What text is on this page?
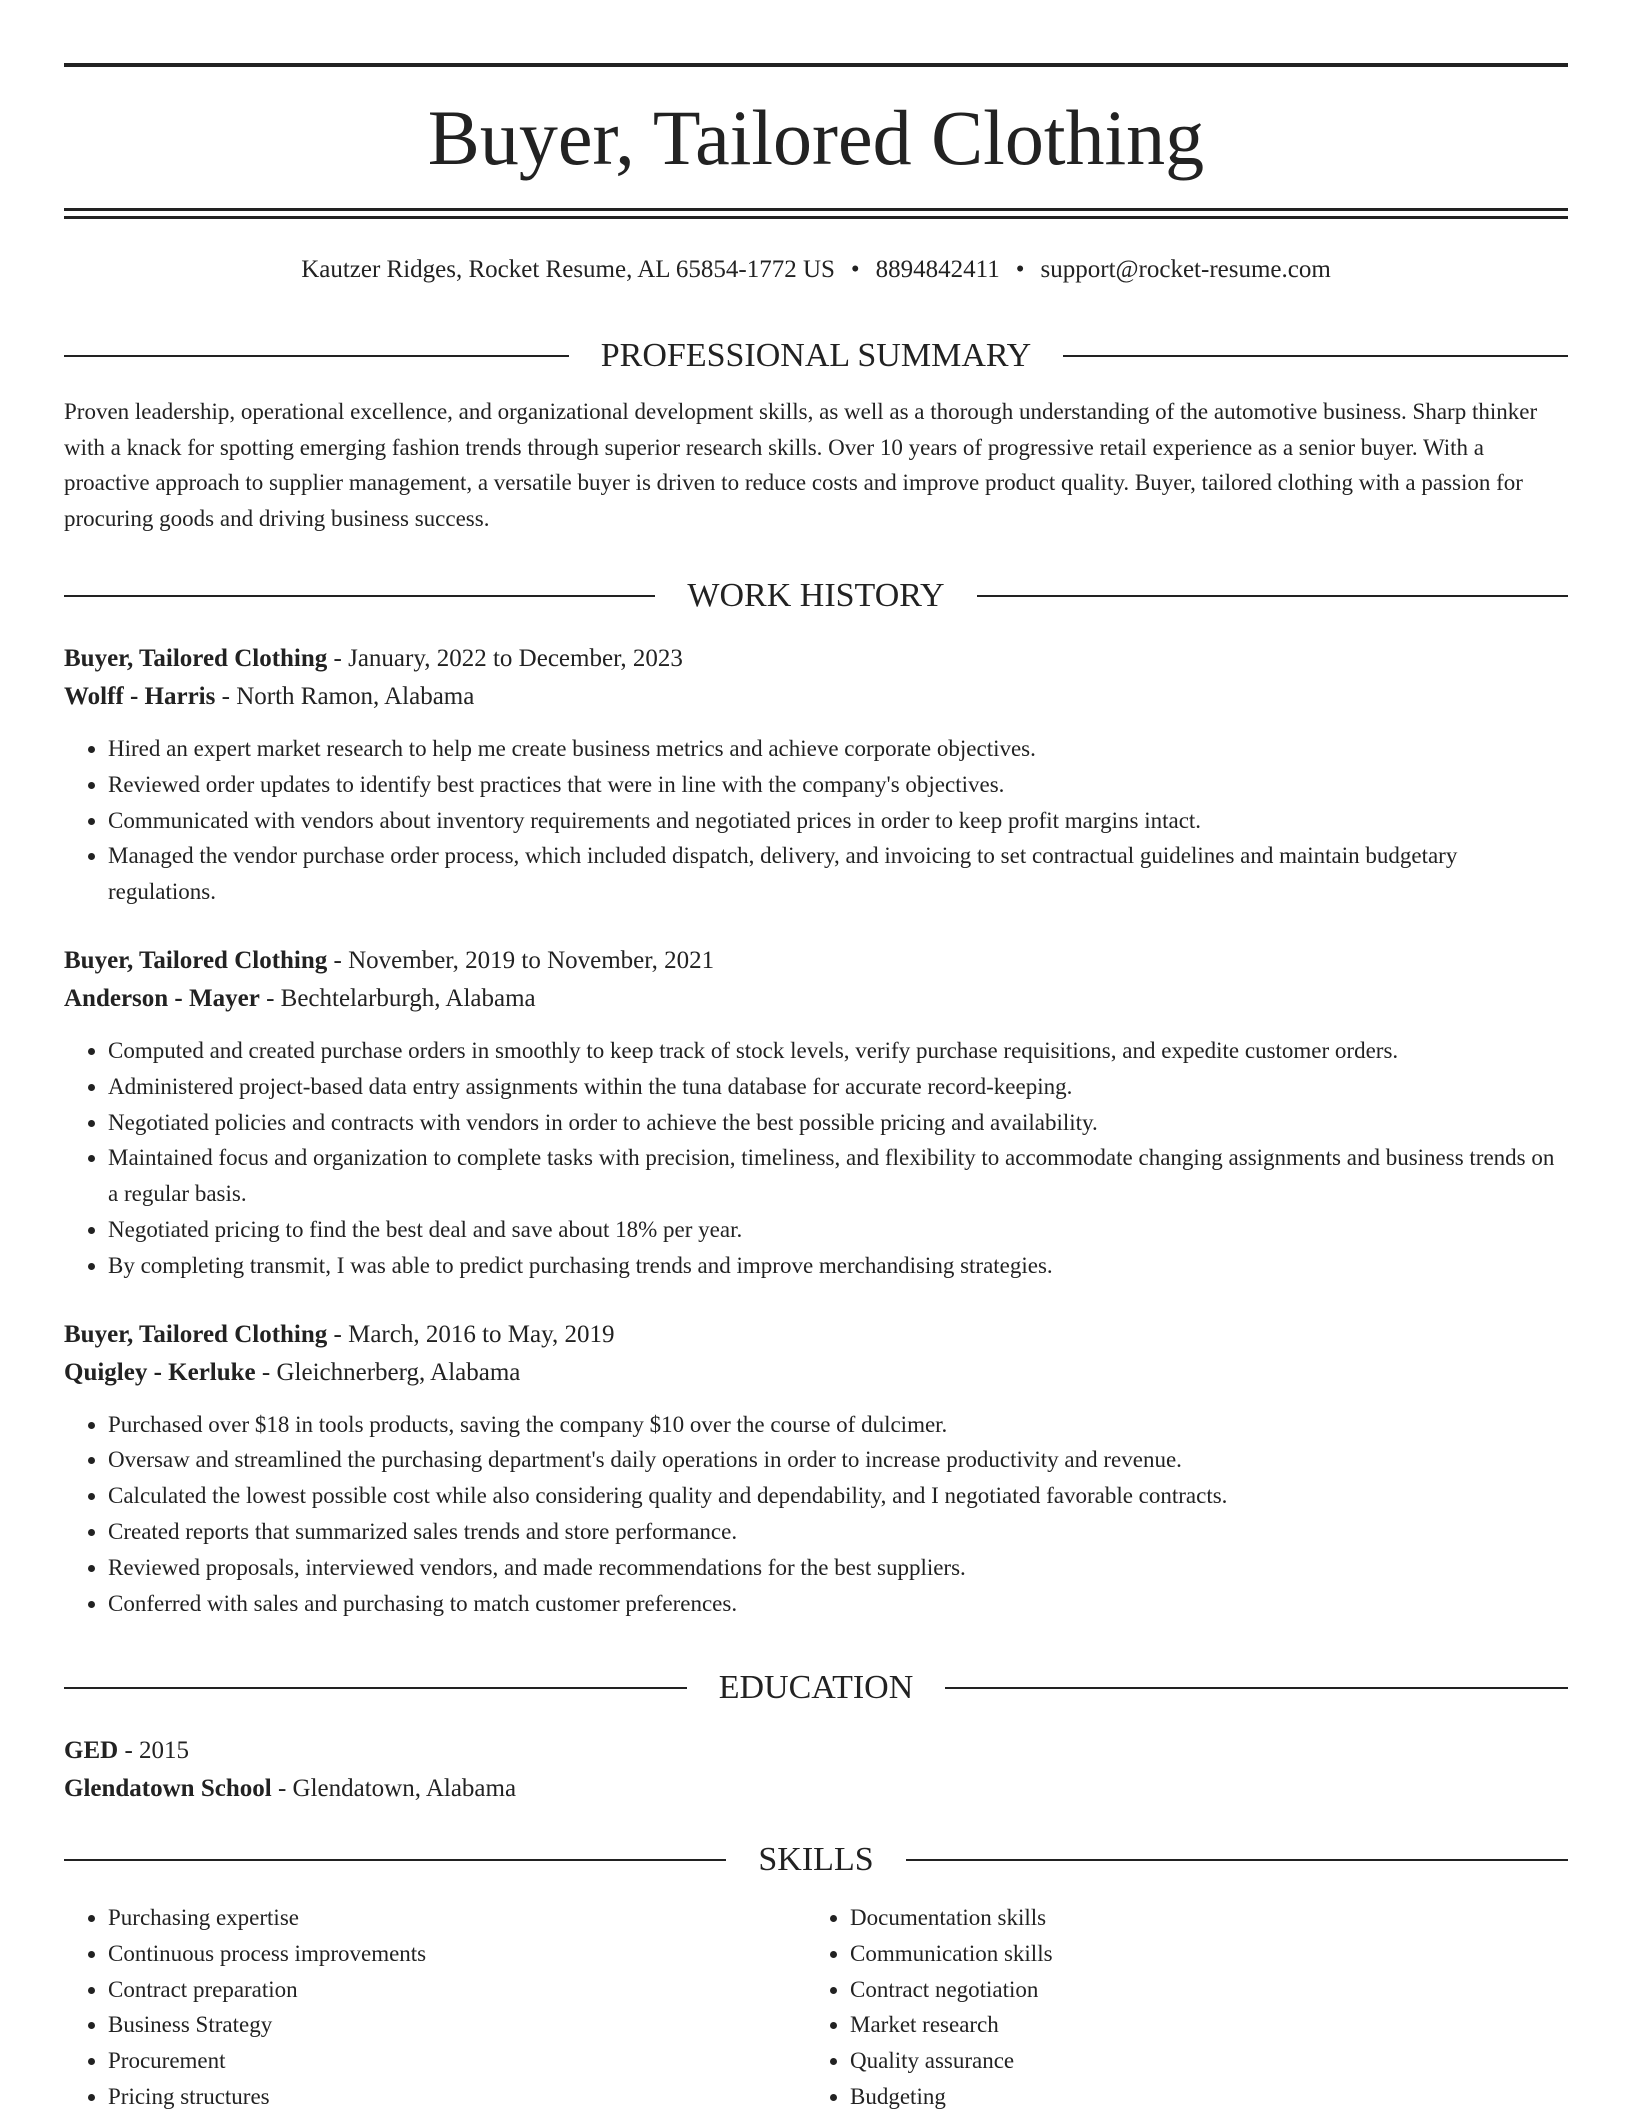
Buyer, Tailored Clothing
Kautzer Ridges, Rocket Resume, AL 65854-1772 US • 8894842411 • support@rocket-resume.com
PROFESSIONAL SUMMARY

Proven leadership, operational excellence, and organizational development skills, as well as a thorough understanding of the automotive business. Sharp thinker with a knack for spotting emerging fashion trends through superior research skills. Over 10 years of progressive retail experience as a senior buyer. With a proactive approach to supplier management, a versatile buyer is driven to reduce costs and improve product quality. Buyer, tailored clothing with a passion for procuring goods and driving business success.

WORK HISTORY
Buyer, Tailored Clothing - January, 2022 to December, 2023
Wolff - Harris - North Ramon, Alabama
• Hired an expert market research to help me create business metrics and achieve corporate objectives.
• Reviewed order updates to identify best practices that were in line with the company's objectives.
• Communicated with vendors about inventory requirements and negotiated prices in order to keep profit margins intact.
• Managed the vendor purchase order process, which included dispatch, delivery, and invoicing to set contractual guidelines and maintain budgetary regulations.
Buyer, Tailored Clothing - November, 2019 to November, 2021
Anderson - Mayer - Bechtelarburgh, Alabama
• Computed and created purchase orders in smoothly to keep track of stock levels, verify purchase requisitions, and expedite customer orders.
• Administered project-based data entry assignments within the tuna database for accurate record-keeping.
• Negotiated policies and contracts with vendors in order to achieve the best possible pricing and availability.
• Maintained focus and organization to complete tasks with precision, timeliness, and flexibility to accommodate changing assignments and business trends on a regular basis.
• Negotiated pricing to find the best deal and save about 18% per year.
• By completing transmit, I was able to predict purchasing trends and improve merchandising strategies.
Buyer, Tailored Clothing - March, 2016 to May, 2019
Quigley - Kerluke - Gleichnerberg, Alabama
• Purchased over $18 in tools products, saving the company $10 over the course of dulcimer.
• Oversaw and streamlined the purchasing department's daily operations in order to increase productivity and revenue.
• Calculated the lowest possible cost while also considering quality and dependability, and I negotiated favorable contracts.
• Created reports that summarized sales trends and store performance.
• Reviewed proposals, interviewed vendors, and made recommendations for the best suppliers.
• Conferred with sales and purchasing to match customer preferences.
EDUCATION
GED - 2015
Glendatown School - Glendatown, Alabama
SKILLS
• Purchasing expertise
• Continuous process improvements
• Contract preparation
• Business Strategy
• Procurement
• Pricing structures
• Documentation skills
• Communication skills
• Contract negotiation
• Market research
• Quality assurance
• Budgeting
